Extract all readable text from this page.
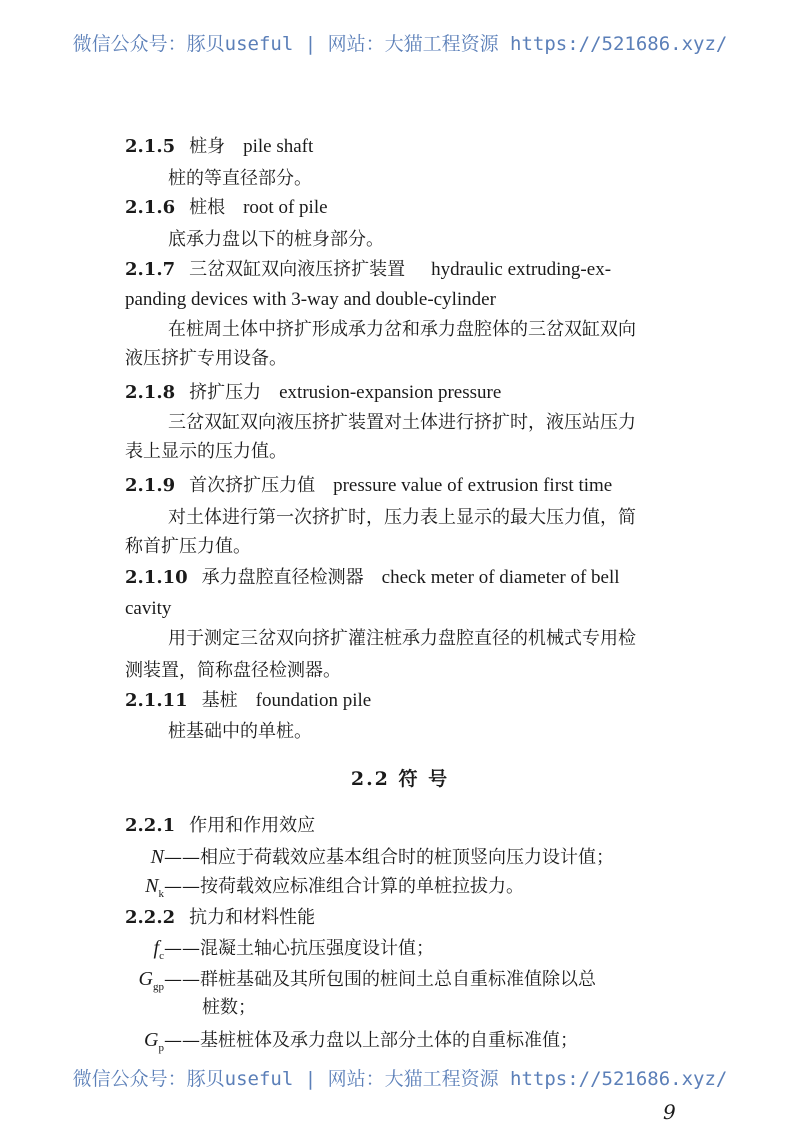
微信公众号：豚贝useful | 网站：大猫工程资源 https://521686.xyz/
2.1.5 桩身 pile shaft
桩的等直径部分。
2.1.6 桩根 root of pile
底承力盘以下的桩身部分。
2.1.7 三岔双缸双向液压挤扩装置 hydraulic extruding-ex-
panding devices with 3-way and double-cylinder
在桩周土体中挤扩形成承力岔和承力盘腔体的三岔双缸双向
液压挤扩专用设备。
2.1.8 挤扩压力 extrusion-expansion pressure
三岔双缸双向液压挤扩装置对土体进行挤扩时，液压站压力
表上显示的压力值。
2.1.9 首次挤扩压力值 pressure value of extrusion first time
对土体进行第一次挤扩时，压力表上显示的最大压力值，简
称首扩压力值。
2.1.10 承力盘腔直径检测器 check meter of diameter of bell
cavity
用于测定三岔双向挤扩灌注桩承力盘腔直径的机械式专用检
测装置，简称盘径检测器。
2.1.11 基桩 foundation pile
桩基础中的单桩。
2.2 符 号
2.2.1 作用和作用效应
N——相应于荷载效应基本组合时的桩顶竖向压力设计值；
$N_k——$按荷载效应标准组合计算的单桩拉拔力。
2.2.2 抗力和材料性能
$f_c——$混凝土轴心抗压强度设计值；
$G_{gp}——$群桩基础及其所包围的桩间土总自重标准值除以总
桩数；
$G_p——$基桩桩体及承力盘以上部分土体的自重标准值；
微信公众号：豚贝useful | 网站：大猫工程资源 https://521686.xyz/
9
